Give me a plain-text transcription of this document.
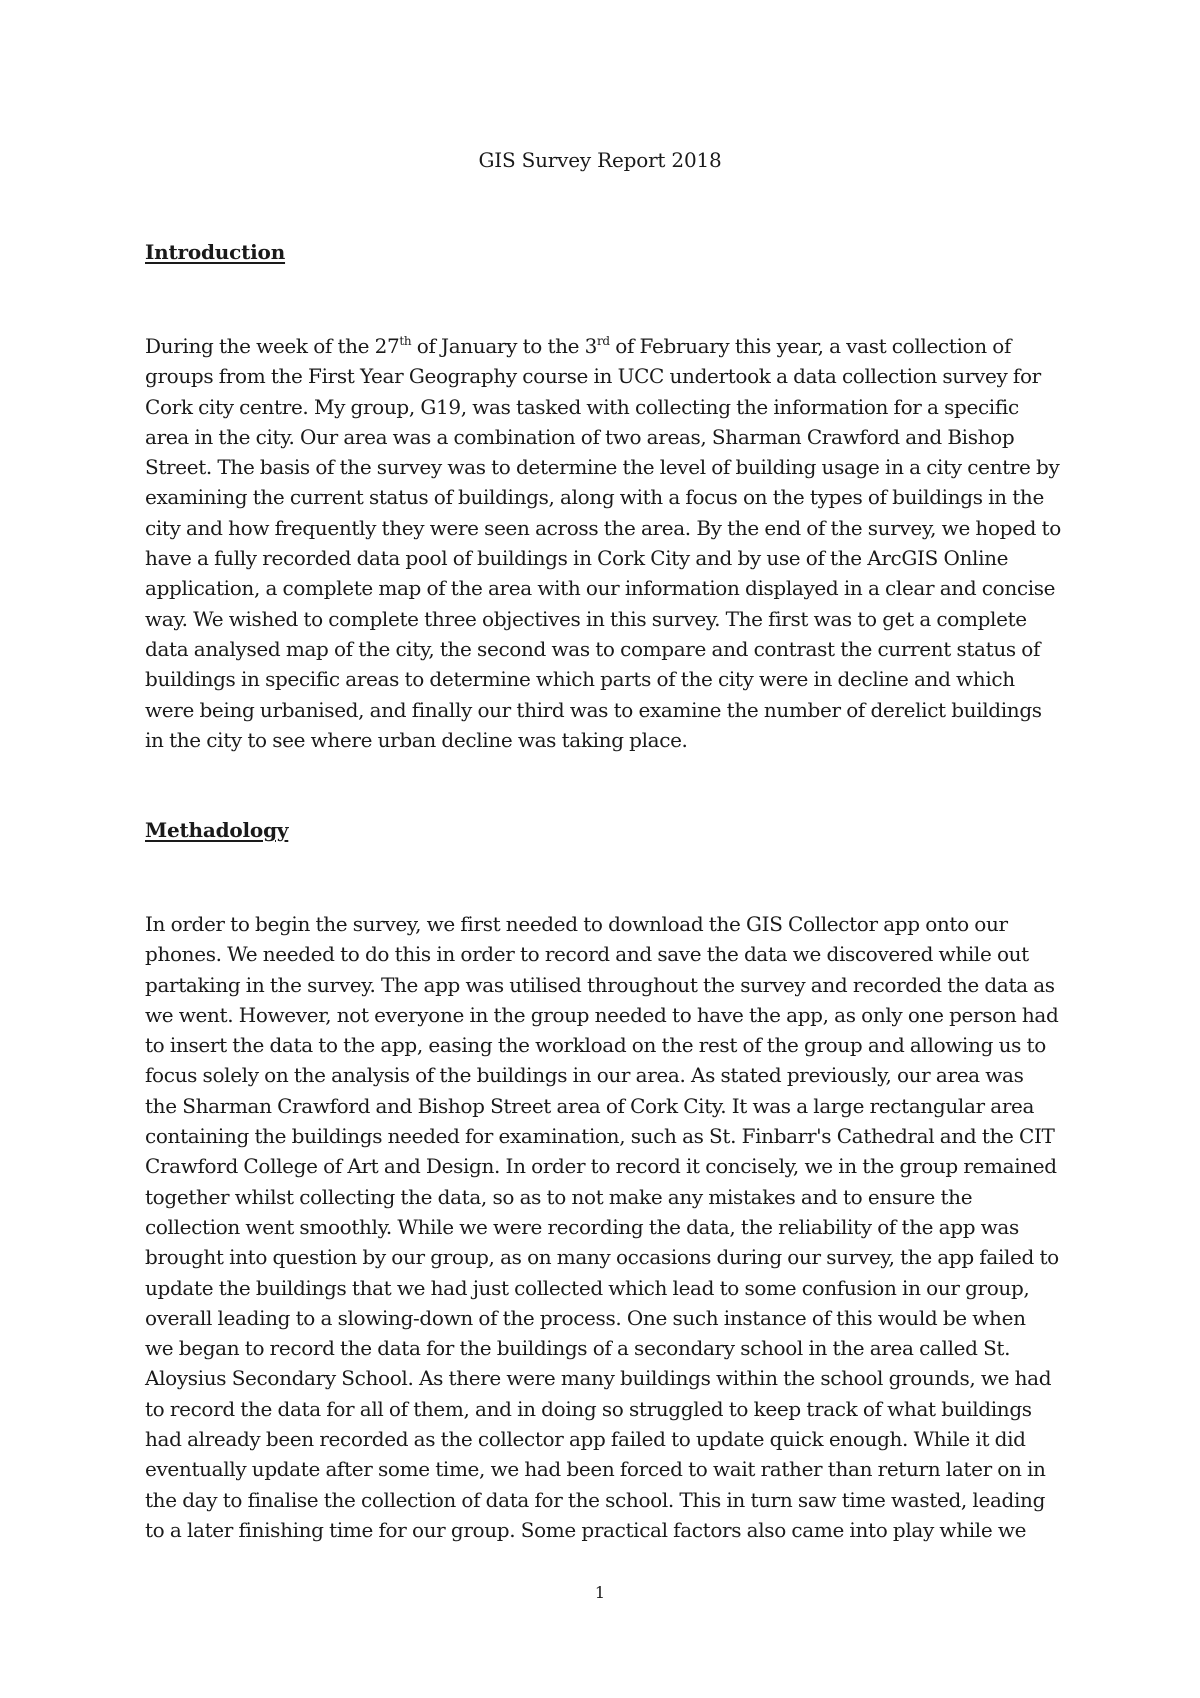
GIS Survey Report 2018
Introduction
During the week of the 27th of January to the 3rd of February this year, a vast collection of
groups from the First Year Geography course in UCC undertook a data collection survey for
Cork city centre. My group, G19, was tasked with collecting the information for a specific
area in the city. Our area was a combination of two areas, Sharman Crawford and Bishop
Street. The basis of the survey was to determine the level of building usage in a city centre by
examining the current status of buildings, along with a focus on the types of buildings in the
city and how frequently they were seen across the area. By the end of the survey, we hoped to
have a fully recorded data pool of buildings in Cork City and by use of the ArcGIS Online
application, a complete map of the area with our information displayed in a clear and concise
way. We wished to complete three objectives in this survey. The first was to get a complete
data analysed map of the city, the second was to compare and contrast the current status of
buildings in specific areas to determine which parts of the city were in decline and which
were being urbanised, and finally our third was to examine the number of derelict buildings
in the city to see where urban decline was taking place.
Methadology
In order to begin the survey, we first needed to download the GIS Collector app onto our
phones. We needed to do this in order to record and save the data we discovered while out
partaking in the survey. The app was utilised throughout the survey and recorded the data as
we went. However, not everyone in the group needed to have the app, as only one person had
to insert the data to the app, easing the workload on the rest of the group and allowing us to
focus solely on the analysis of the buildings in our area. As stated previously, our area was
the Sharman Crawford and Bishop Street area of Cork City. It was a large rectangular area
containing the buildings needed for examination, such as St. Finbarr's Cathedral and the CIT
Crawford College of Art and Design. In order to record it concisely, we in the group remained
together whilst collecting the data, so as to not make any mistakes and to ensure the
collection went smoothly. While we were recording the data, the reliability of the app was
brought into question by our group, as on many occasions during our survey, the app failed to
update the buildings that we had just collected which lead to some confusion in our group,
overall leading to a slowing-down of the process. One such instance of this would be when
we began to record the data for the buildings of a secondary school in the area called St.
Aloysius Secondary School. As there were many buildings within the school grounds, we had
to record the data for all of them, and in doing so struggled to keep track of what buildings
had already been recorded as the collector app failed to update quick enough. While it did
eventually update after some time, we had been forced to wait rather than return later on in
the day to finalise the collection of data for the school. This in turn saw time wasted, leading
to a later finishing time for our group. Some practical factors also came into play while we
1
